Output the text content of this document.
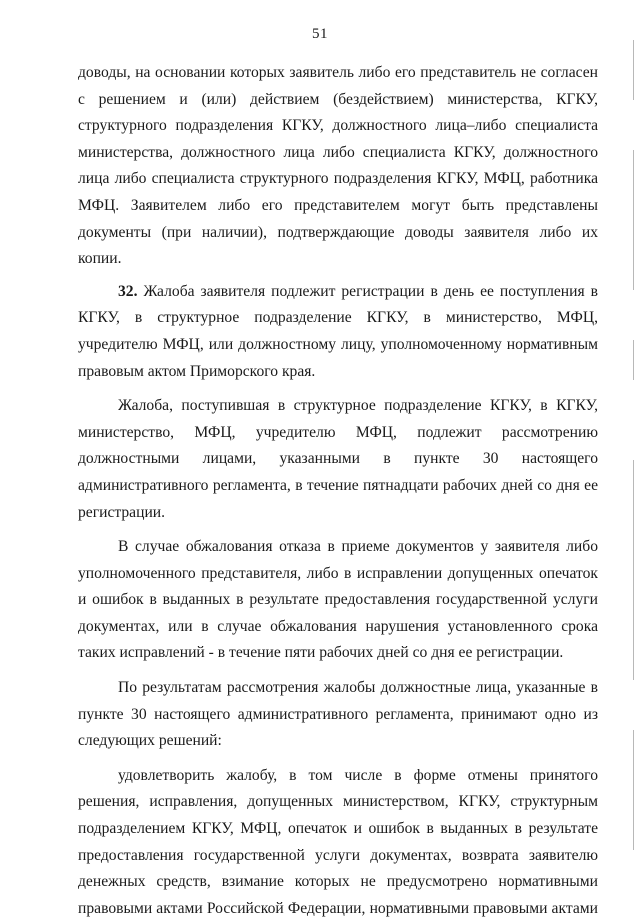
51

доводы, на основании которых заявитель либо его представитель не согласен с решением и (или) действием (бездействием) министерства, КГКУ, структурного подразделения КГКУ, должностного лица–либо специалиста министерства, должностного лица либо специалиста КГКУ, должностного лица либо специалиста структурного подразделения КГКУ, МФЦ, работника МФЦ. Заявителем либо его представителем могут быть представлены документы (при наличии), подтверждающие доводы заявителя либо их копии.

32. Жалоба заявителя подлежит регистрации в день ее поступления в КГКУ, в структурное подразделение КГКУ, в министерство, МФЦ, учредителю МФЦ, или должностному лицу, уполномоченному нормативным правовым актом Приморского края.

Жалоба, поступившая в структурное подразделение КГКУ, в КГКУ, министерство, МФЦ, учредителю МФЦ, подлежит рассмотрению должностными лицами, указанными в пункте 30 настоящего административного регламента, в течение пятнадцати рабочих дней со дня ее регистрации.

В случае обжалования отказа в приеме документов у заявителя либо уполномоченного представителя, либо в исправлении допущенных опечаток и ошибок в выданных в результате предоставления государственной услуги документах, или в случае обжалования нарушения установленного срока таких исправлений - в течение пяти рабочих дней со дня ее регистрации.

По результатам рассмотрения жалобы должностные лица, указанные в пункте 30 настоящего административного регламента, принимают одно из следующих решений:

удовлетворить жалобу, в том числе в форме отмены принятого решения, исправления, допущенных министерством, КГКУ, структурным подразделением КГКУ, МФЦ, опечаток и ошибок в выданных в результате предоставления государственной услуги документах, возврата заявителю денежных средств, взимание которых не предусмотрено нормативными правовыми актами Российской Федерации, нормативными правовыми актами
